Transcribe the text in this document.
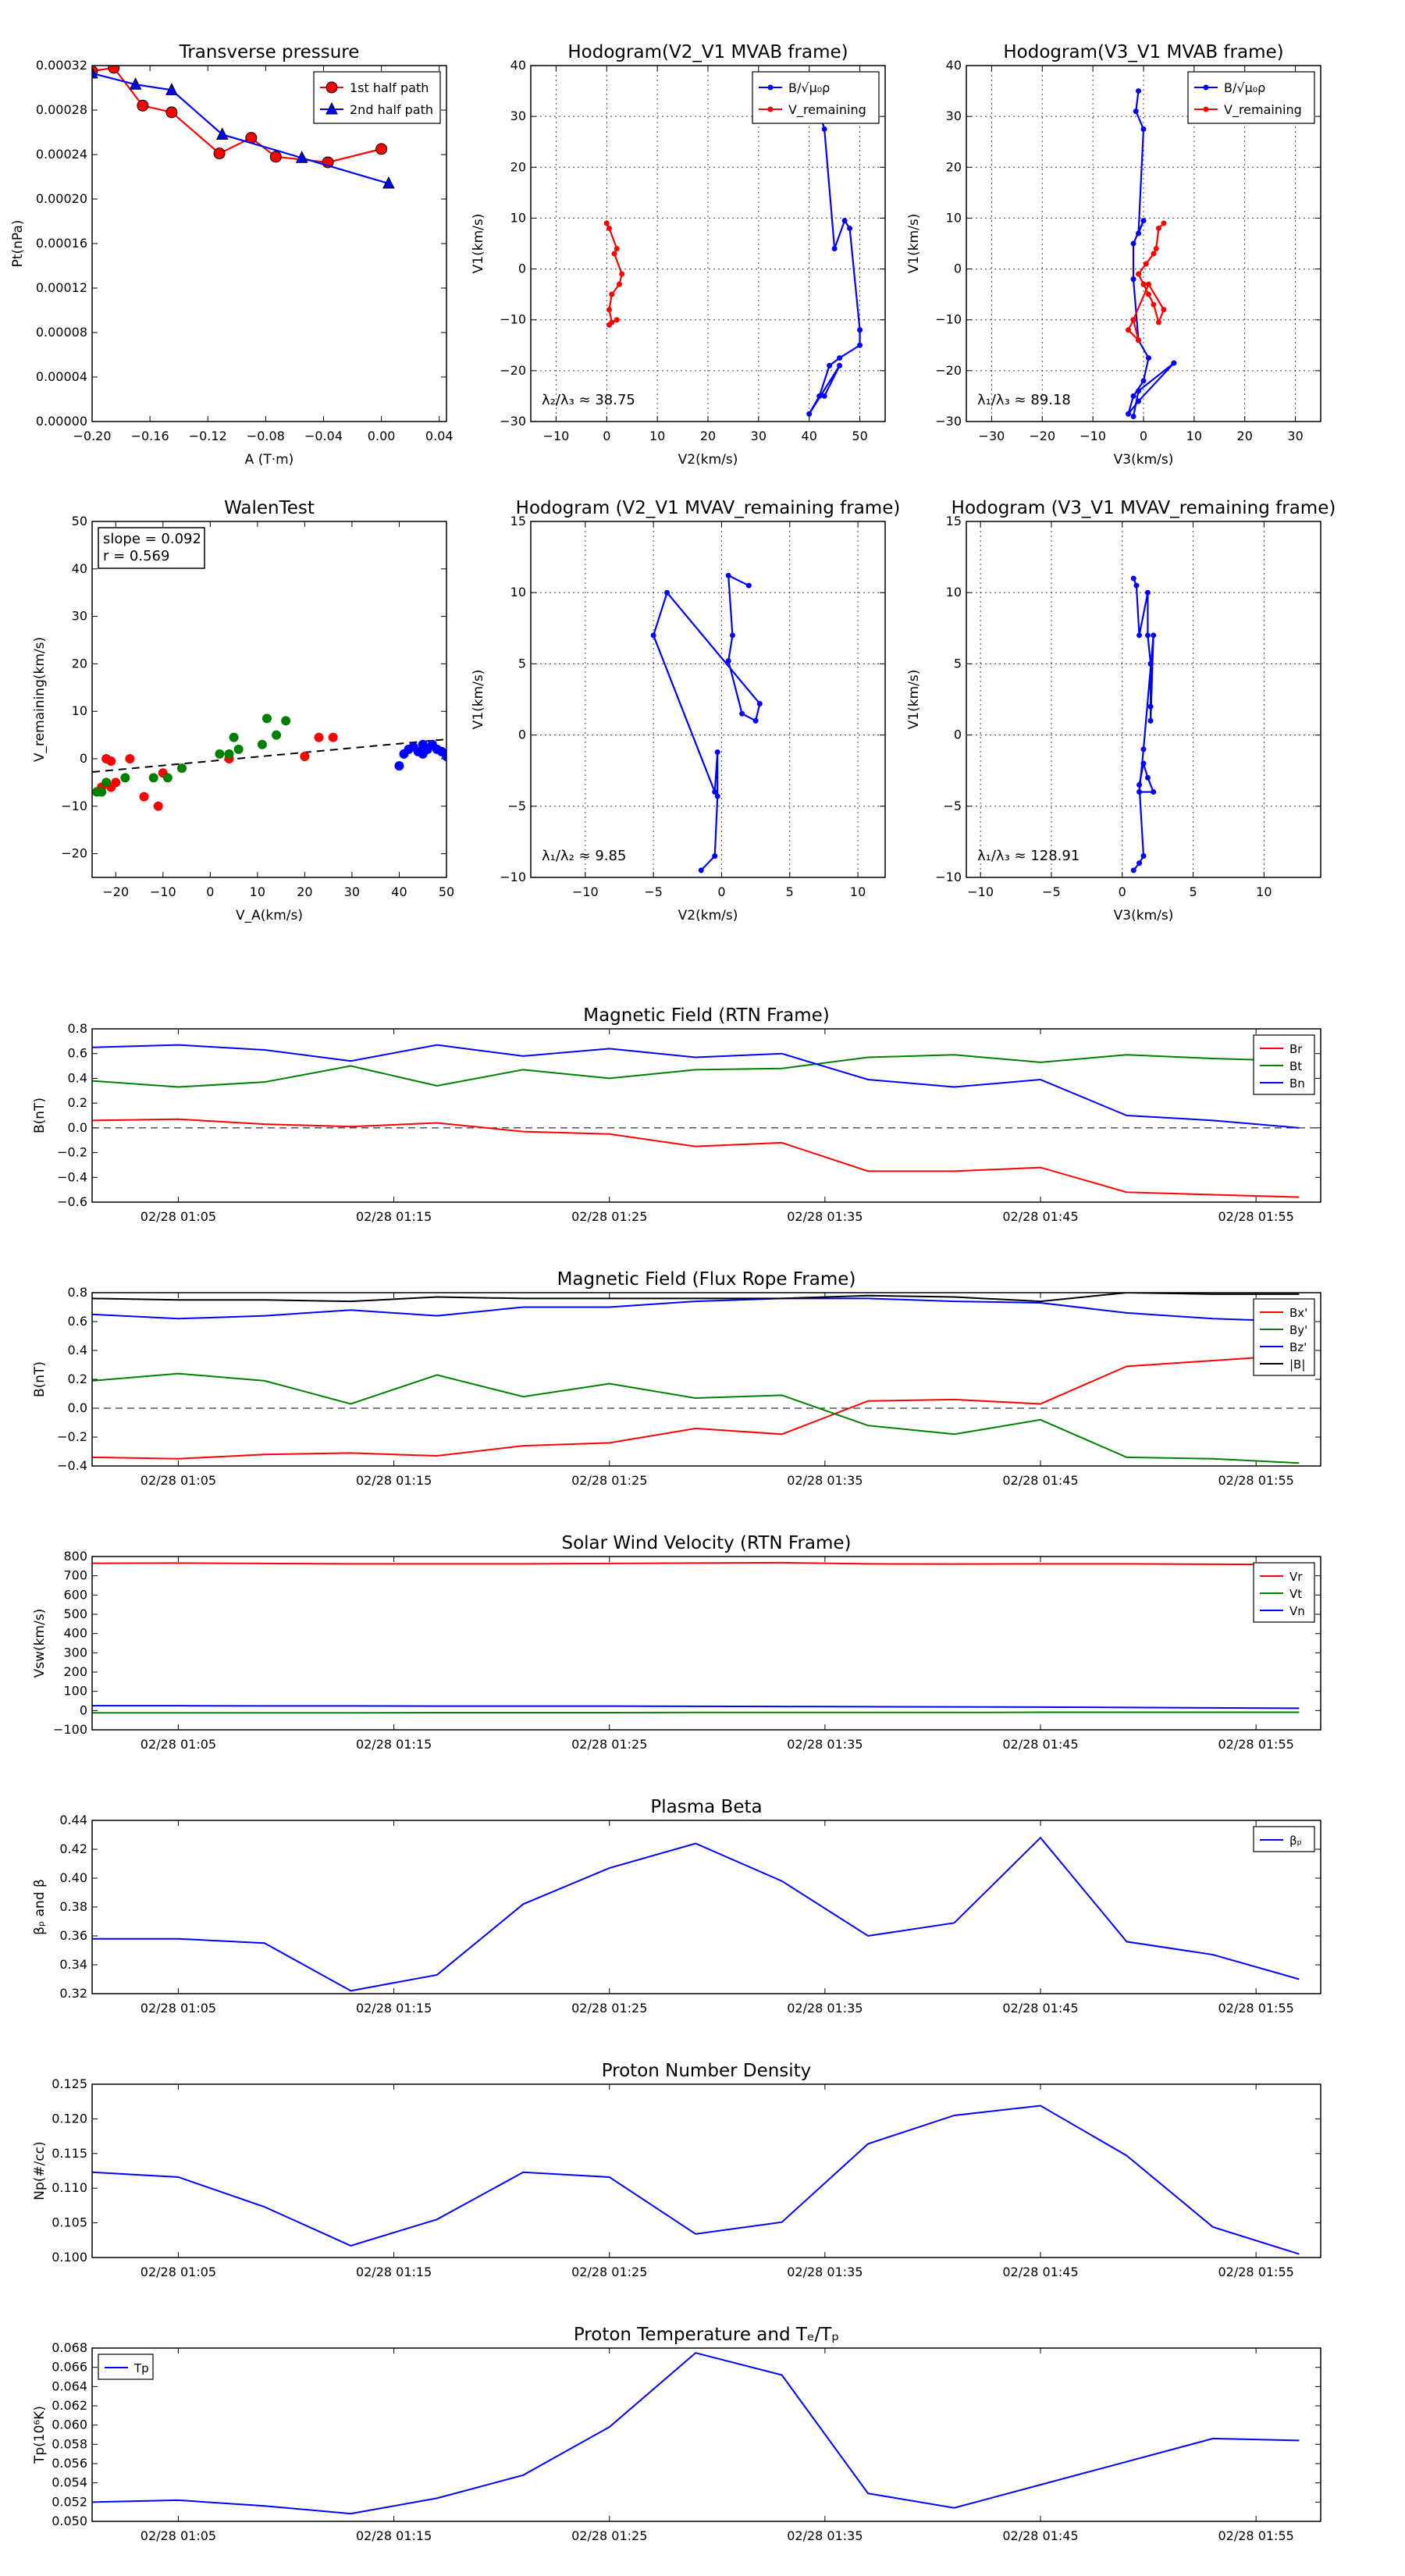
Transverse pressure
−0.20 −0.16 −0.12 −0.08 −0.04 0.00 0.04
0.00000
0.00004
0.00008
0.00012
0.00016
0.00020
0.00024
0.00028
0.00032
A (T·m)
Pt(nPa)
1st half path
2nd half path
Hodogram(V2_V1 MVAB frame)
−10	0	10	20	30	40	50
−30
−20
−10
0
10
20
30
40
V2(km/s)
V1(km/s)
λ₂/λ₃ ≈ 38.75
B/√μ₀ρ
V_remaining
Hodogram(V3_V1 MVAB frame)
−30 −20 −10	0	10	20	30
−30
−20
−10
0
10
20
30
40
V3(km/s)
V1(km/s)
λ₁/λ₃ ≈ 89.18
B/√μ₀ρ
V_remaining
WalenTest
−20 −10 0	10	20	30	40	50
−20
−10
0
10
20
30
40
50
V_A(km/s)
V_remaining(km/s)
slope = 0.092
r = 0.569
Hodogram (V2_V1 MVAV_remaining frame)
−10	−5	0	5	10
−10
−5
0
5
10
15
V2(km/s)
V1(km/s)
λ₁/λ₂ ≈ 9.85
Hodogram (V3_V1 MVAV_remaining frame)
−10	−5	0	5	10
−10
−5
0
5
10
15
V3(km/s)
V1(km/s)
λ₁/λ₃ ≈ 128.91
Magnetic Field (RTN Frame)
02/28 01:05	02/28 01:15	02/28 01:25	02/28 01:35	02/28 01:45	02/28 01:55
−0.6
−0.4
−0.2
0.0
0.2
0.4
0.6
0.8
B(nT)
Br
Bt
Bn
Magnetic Field (Flux Rope Frame)
02/28 01:05	02/28 01:15	02/28 01:25	02/28 01:35	02/28 01:45	02/28 01:55
−0.4
−0.2
0.0
0.2
0.4
0.6
0.8
B(nT)
Bx'
By'
Bz'
|B|
Solar Wind Velocity (RTN Frame)
02/28 01:05	02/28 01:15	02/28 01:25	02/28 01:35	02/28 01:45	02/28 01:55
−100
0
100
200
300
400
500
600
700
800
Vsw(km/s)
Vr
Vt
Vn
Plasma Beta
02/28 01:05	02/28 01:15	02/28 01:25	02/28 01:35	02/28 01:45	02/28 01:55
0.32
0.34
0.36
0.38
0.40
0.42
0.44
βₚ and β
βₚ
Proton Number Density
02/28 01:05	02/28 01:15	02/28 01:25	02/28 01:35	02/28 01:45	02/28 01:55
0.100
0.105
0.110
0.115
0.120
0.125
Np(#/cc)
Proton Temperature and Tₑ/Tₚ
02/28 01:05	02/28 01:15	02/28 01:25	02/28 01:35	02/28 01:45	02/28 01:55
0.050
0.052
0.054
0.056
0.058
0.060
0.062
0.064
0.066
0.068
Tp(10⁶K)
Tp
